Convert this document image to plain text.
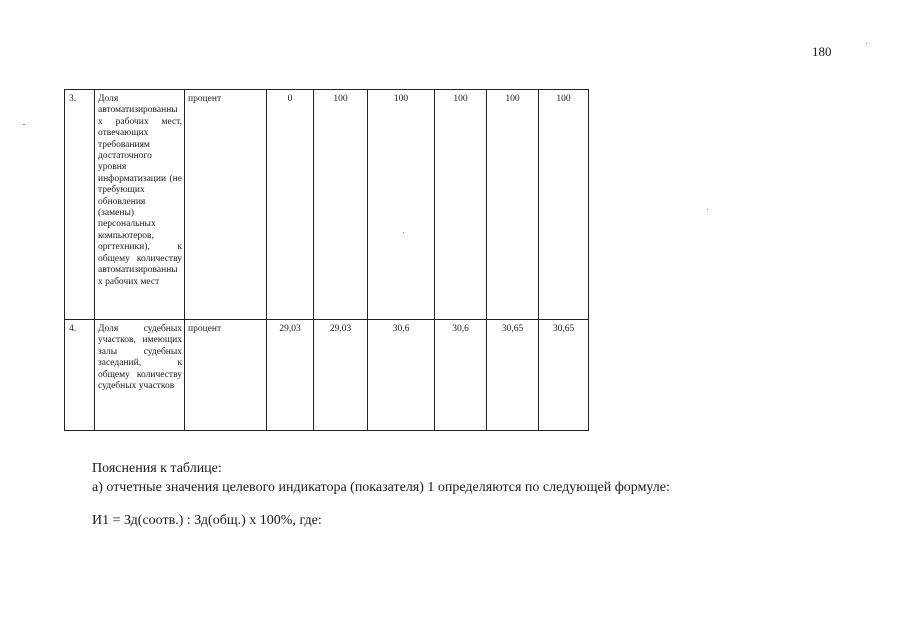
180
3.	Доля автоматизированных рабочих мест, отвечающих требованиям достаточного уровня информатизации (не требующих обновления (замены) персональных компьютеров, оргтехники), к общему количеству автоматизированных рабочих мест	процент	0	100	100	100	100	100
4.	Доля судебных участков, имеющих залы судебных заседаний, к общему количеству судебных участков	процент	29,03	29,03	30,6	30,6	30,65	30,65

Пояснения к таблице:

а) отчетные значения целевого индикатора (показателя) 1 определяются по следующей формуле:

И1 = Зд(соотв.) : Зд(общ.) х 100%, где:
